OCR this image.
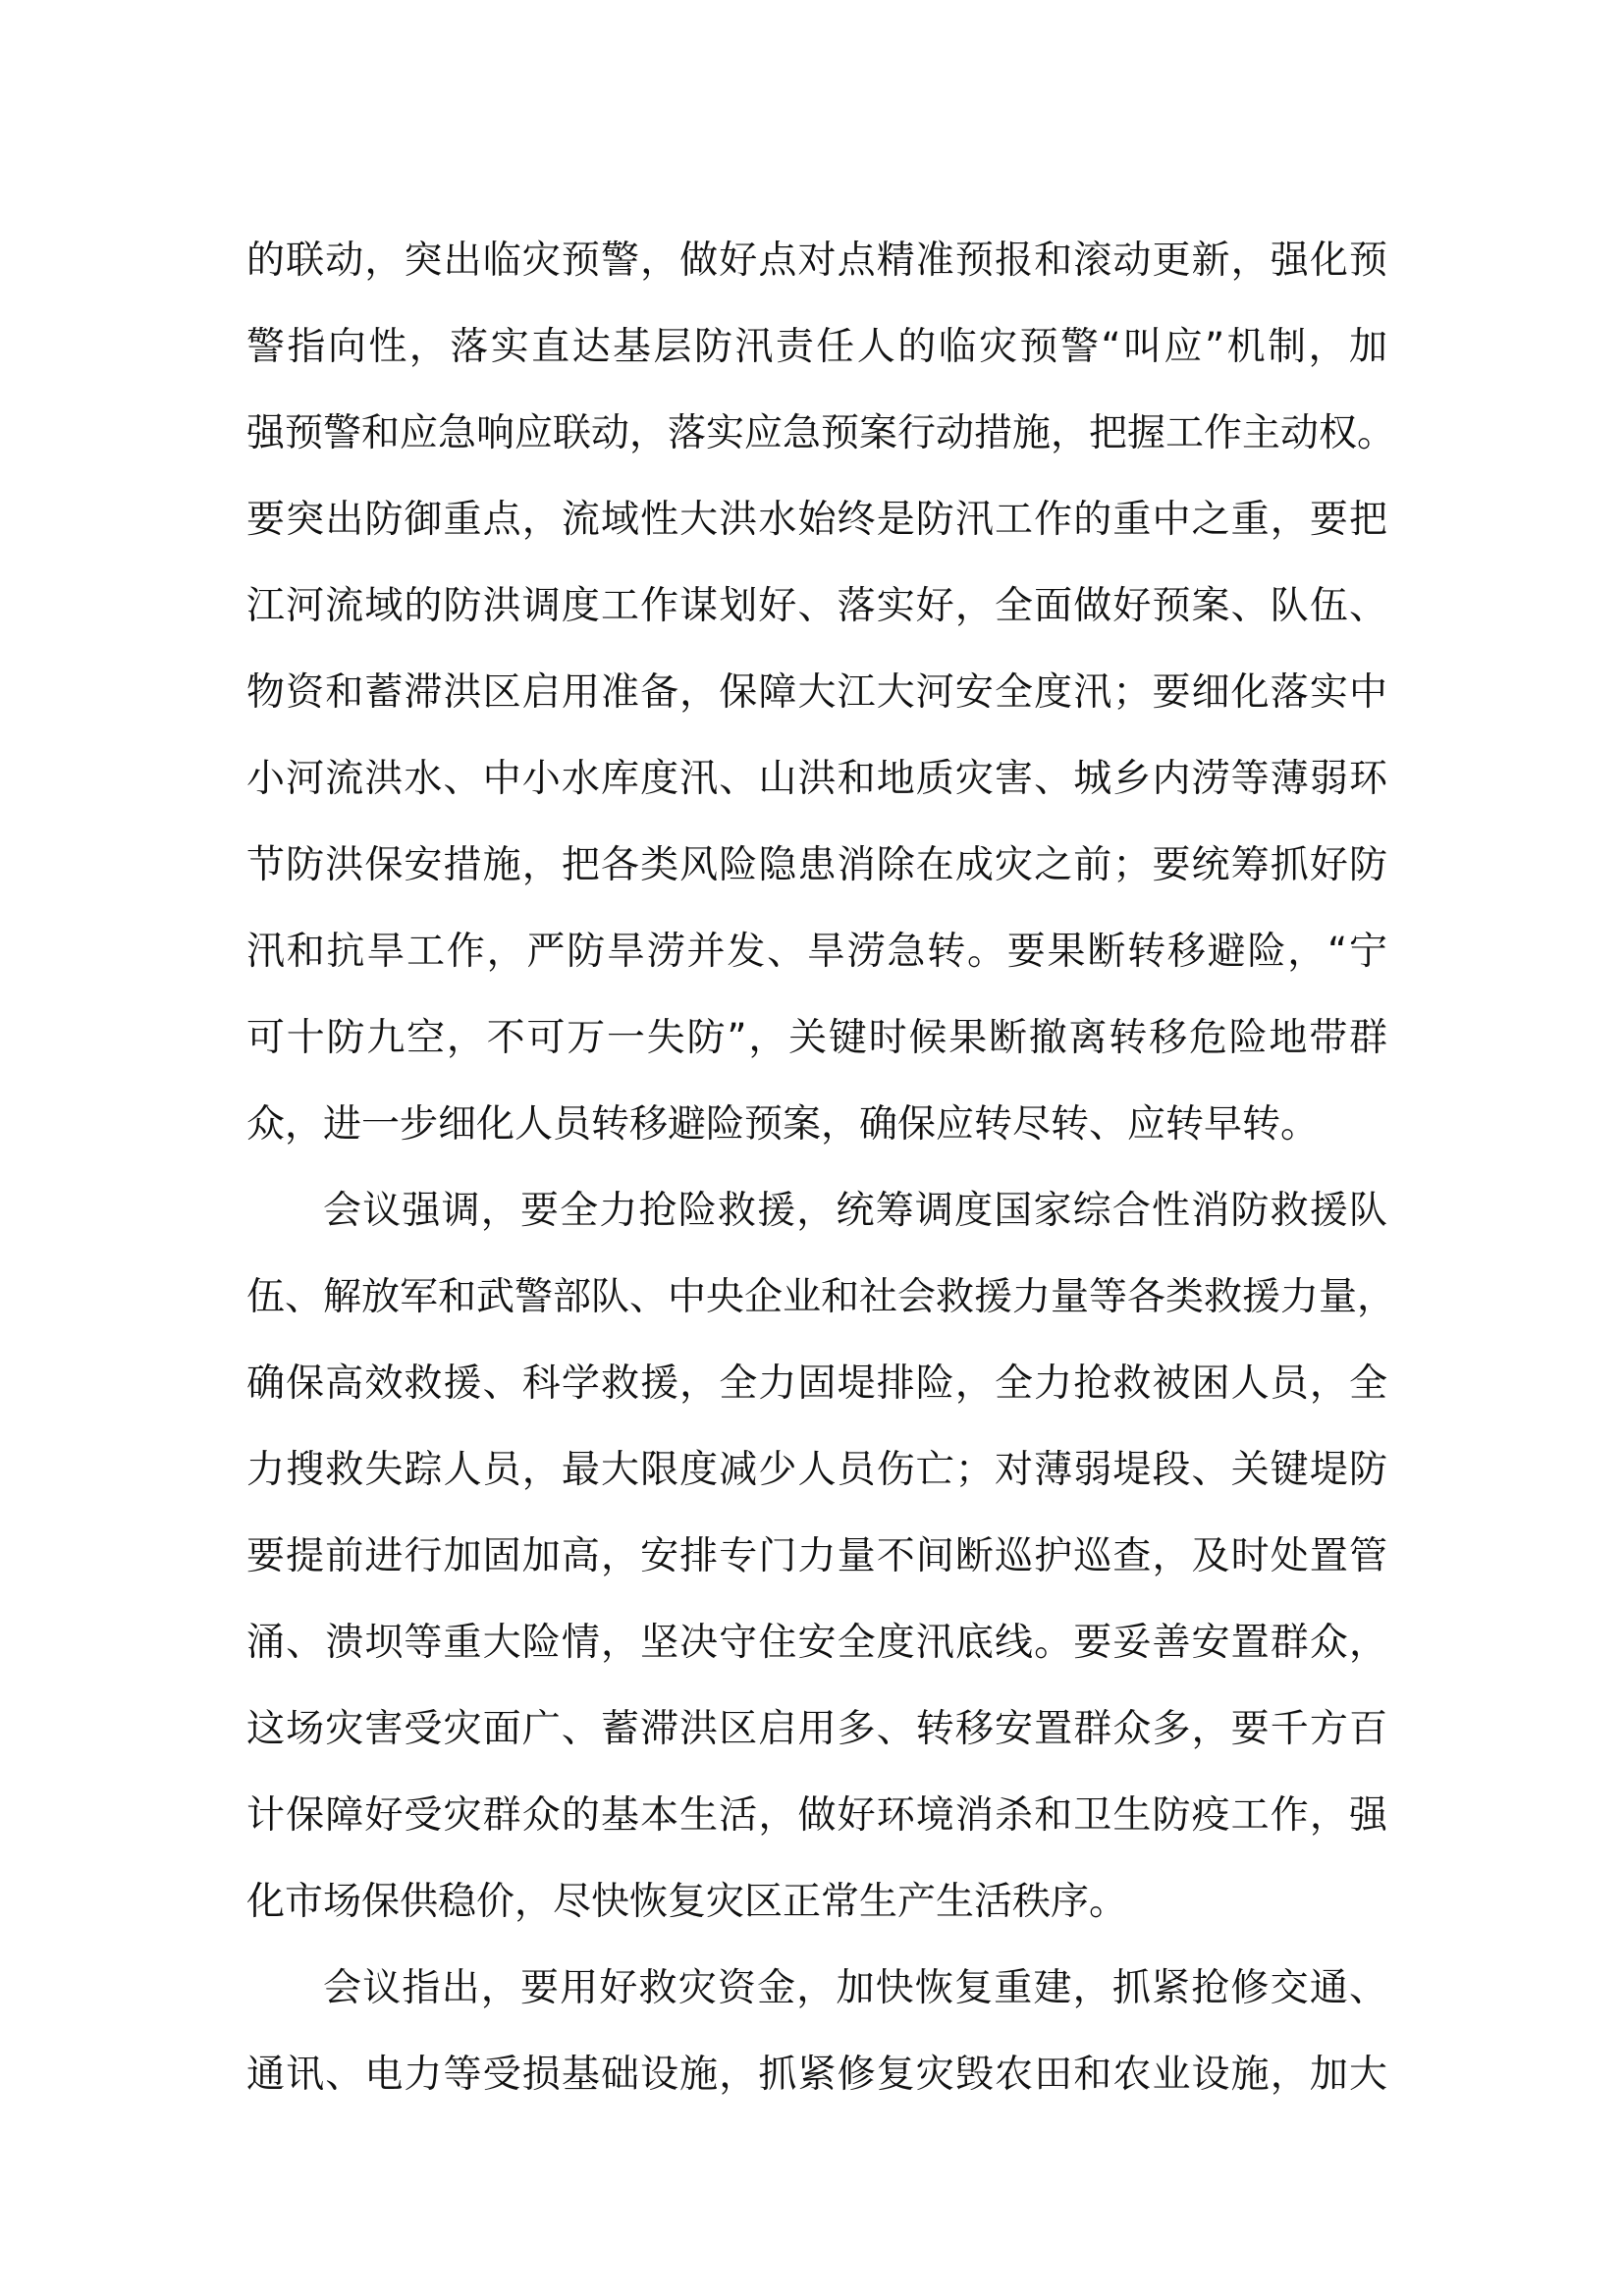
的联动，突出临灾预警，做好点对点精准预报和滚动更新，强化预
警指向性，落实直达基层防汛责任人的临灾预警“叫应”机制，加
强预警和应急响应联动，落实应急预案行动措施，把握工作主动权。
要突出防御重点，流域性大洪水始终是防汛工作的重中之重，要把
江河流域的防洪调度工作谋划好、落实好，全面做好预案、队伍、
物资和蓄滞洪区启用准备，保障大江大河安全度汛；要细化落实中
小河流洪水、中小水库度汛、山洪和地质灾害、城乡内涝等薄弱环
节防洪保安措施，把各类风险隐患消除在成灾之前；要统筹抓好防
汛和抗旱工作，严防旱涝并发、旱涝急转。要果断转移避险，“宁
可十防九空，不可万一失防”，关键时候果断撤离转移危险地带群
众，进一步细化人员转移避险预案，确保应转尽转、应转早转。
会议强调，要全力抢险救援，统筹调度国家综合性消防救援队
伍、解放军和武警部队、中央企业和社会救援力量等各类救援力量，
确保高效救援、科学救援，全力固堤排险，全力抢救被困人员，全
力搜救失踪人员，最大限度减少人员伤亡；对薄弱堤段、关键堤防
要提前进行加固加高，安排专门力量不间断巡护巡查，及时处置管
涌、溃坝等重大险情，坚决守住安全度汛底线。要妥善安置群众，
这场灾害受灾面广、蓄滞洪区启用多、转移安置群众多，要千方百
计保障好受灾群众的基本生活，做好环境消杀和卫生防疫工作，强
化市场保供稳价，尽快恢复灾区正常生产生活秩序。
会议指出，要用好救灾资金，加快恢复重建，抓紧抢修交通、
通讯、电力等受损基础设施，抓紧修复灾毁农田和农业设施，加大
